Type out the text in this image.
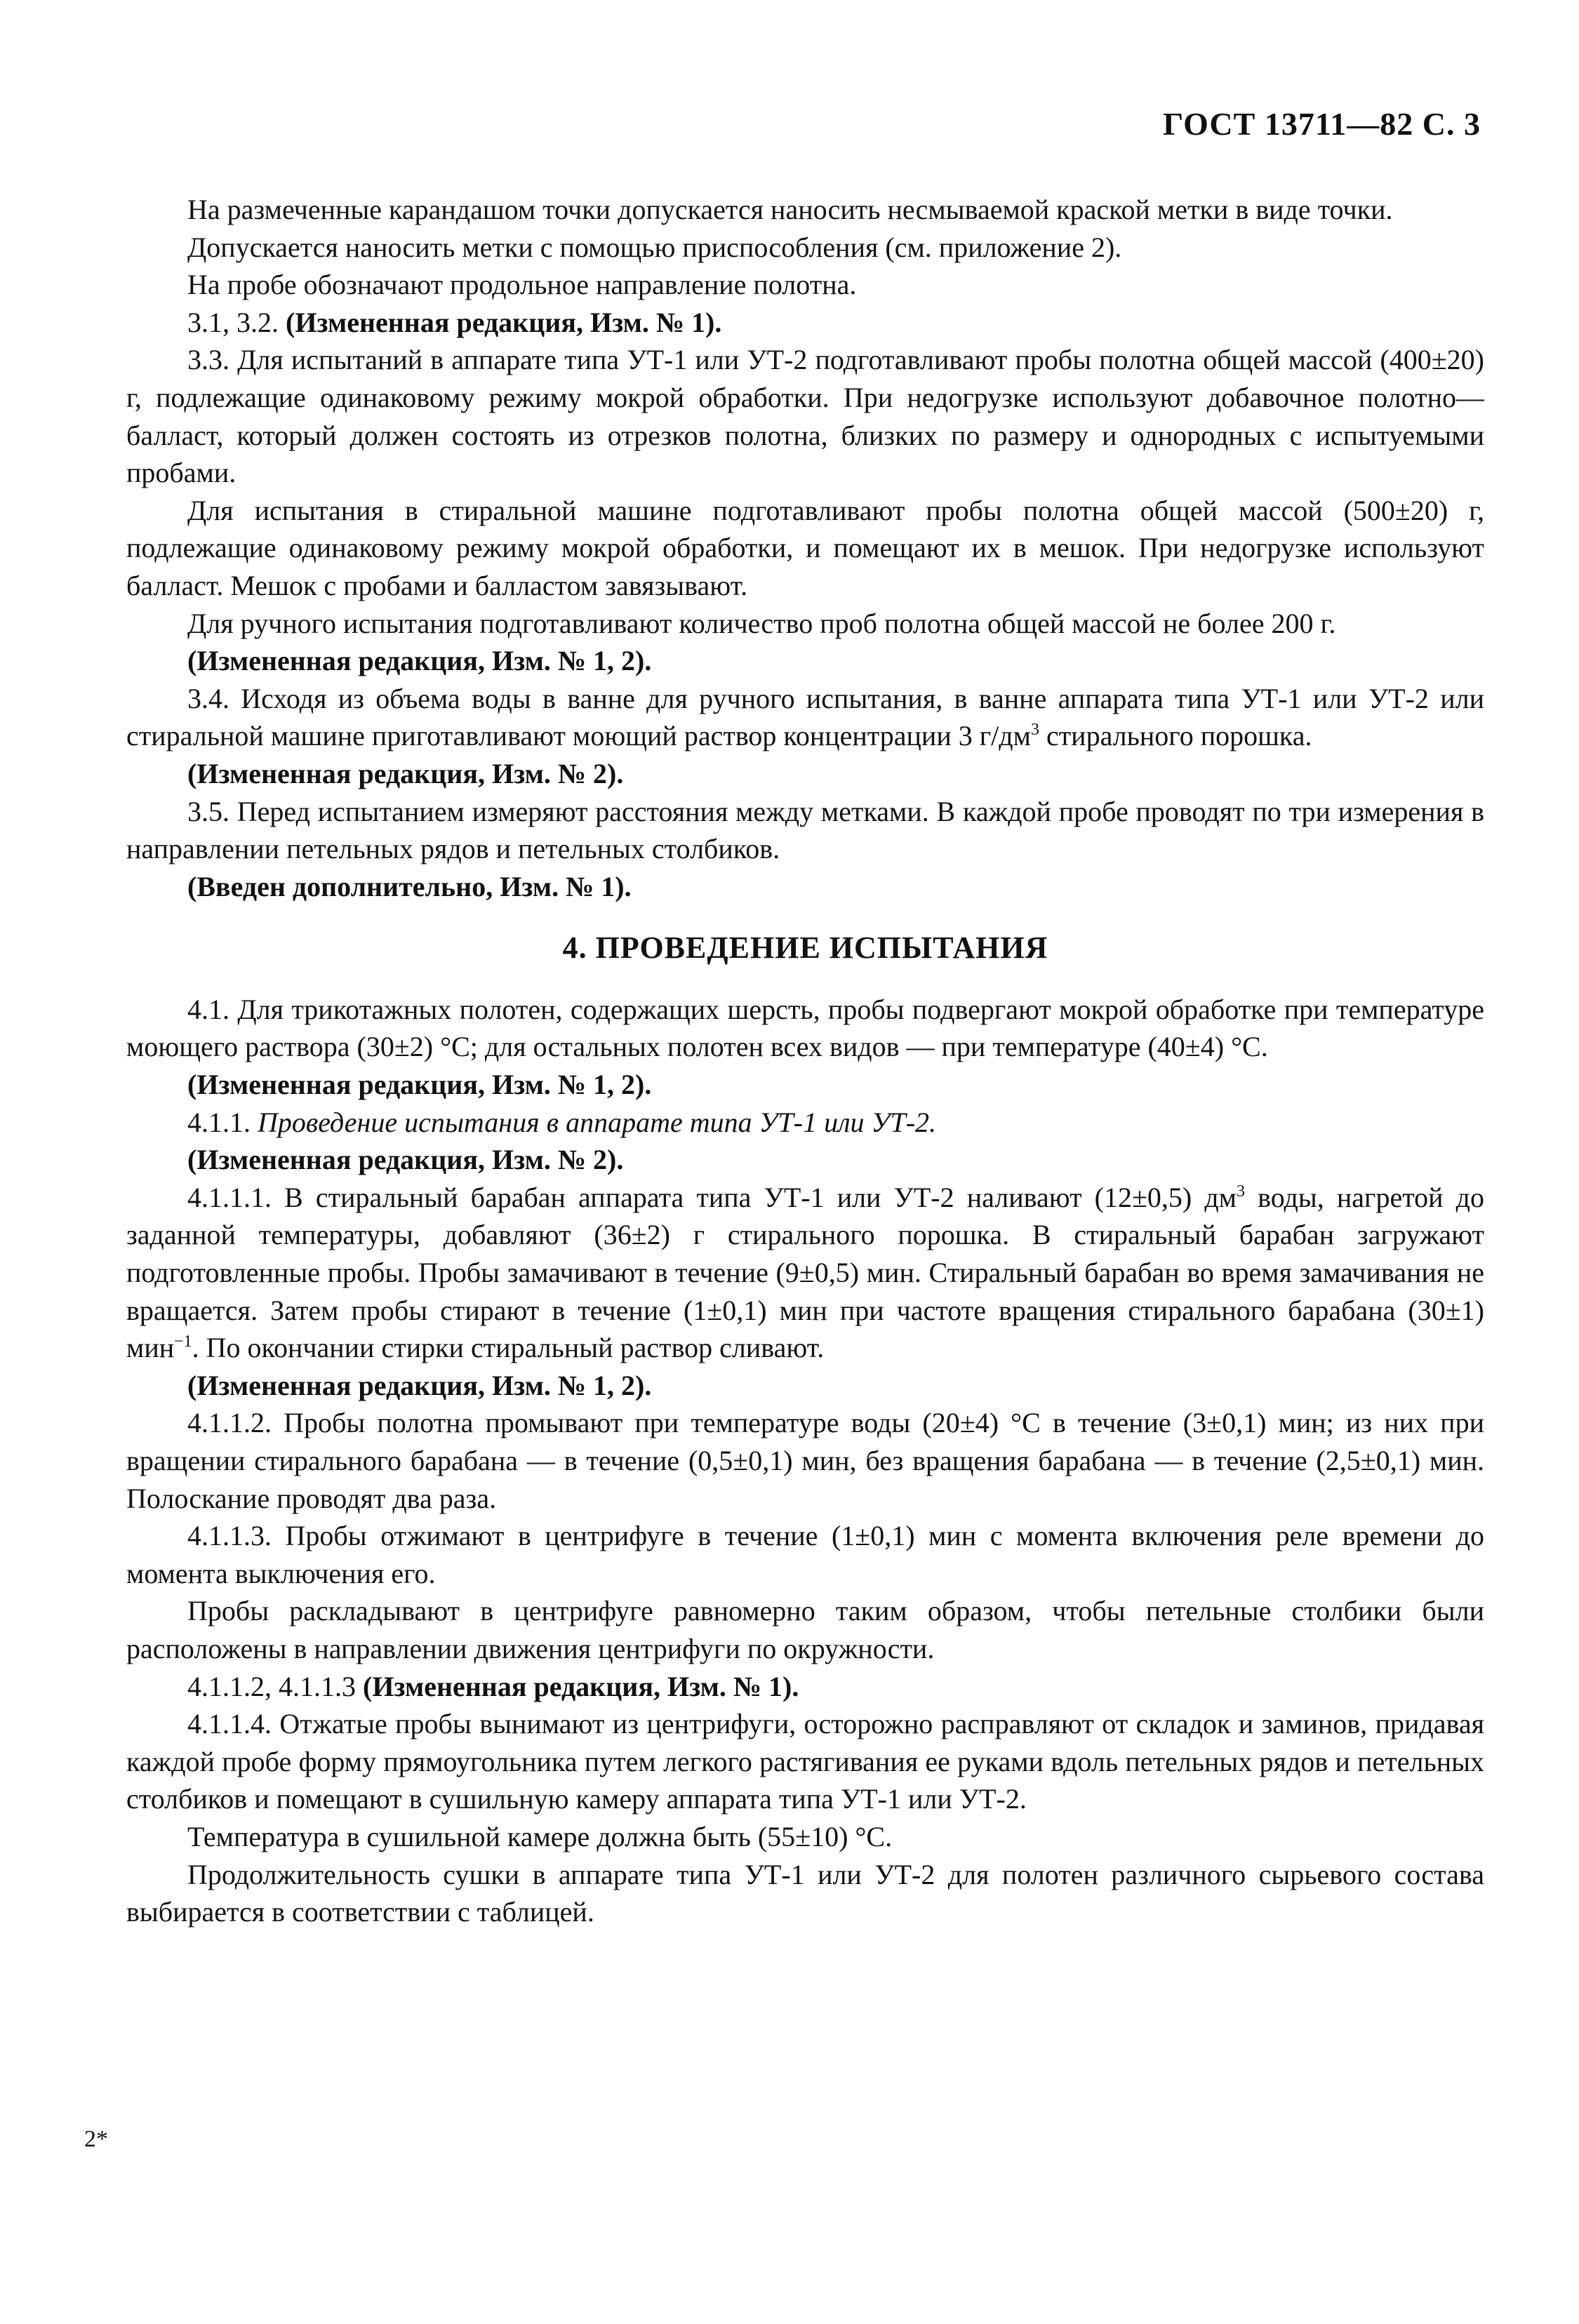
ГОСТ 13711—82 С. 3

На размеченные карандашом точки допускается наносить несмываемой краской метки в виде точки.

Допускается наносить метки с помощью приспособления (см. приложение 2).

На пробе обозначают продольное направление полотна.

3.1, 3.2. (Измененная редакция, Изм. № 1).

3.3. Для испытаний в аппарате типа УТ-1 или УТ-2 подготавливают пробы полотна общей массой (400±20) г, подлежащие одинаковому режиму мокрой обработки. При недогрузке используют добавочное полотно—балласт, который должен состоять из отрезков полотна, близких по размеру и однородных с испытуемыми пробами.

Для испытания в стиральной машине подготавливают пробы полотна общей массой (500±20) г, подлежащие одинаковому режиму мокрой обработки, и помещают их в мешок. При недогрузке используют балласт. Мешок с пробами и балластом завязывают.

Для ручного испытания подготавливают количество проб полотна общей массой не более 200 г.

(Измененная редакция, Изм. № 1, 2).

3.4. Исходя из объема воды в ванне для ручного испытания, в ванне аппарата типа УТ-1 или УТ-2 или стиральной машине приготавливают моющий раствор концентрации 3 $г/дм^3$ стирального порошка.

(Измененная редакция, Изм. № 2).

3.5. Перед испытанием измеряют расстояния между метками. В каждой пробе проводят по три измерения в направлении петельных рядов и петельных столбиков.

(Введен дополнительно, Изм. № 1).

4. ПРОВЕДЕНИЕ ИСПЫТАНИЯ

4.1. Для трикотажных полотен, содержащих шерсть, пробы подвергают мокрой обработке при температуре моющего раствора (30±2) °С; для остальных полотен всех видов — при температуре (40±4) °С.

(Измененная редакция, Изм. № 1, 2).

4.1.1. Проведение испытания в аппарате типа УТ-1 или УТ-2.

(Измененная редакция, Изм. № 2).

4.1.1.1. В стиральный барабан аппарата типа УТ-1 или УТ-2 наливают (12±0,5) $дм^3$ воды, нагретой до заданной температуры, добавляют (36±2) г стирального порошка. В стиральный барабан загружают подготовленные пробы. Пробы замачивают в течение (9±0,5) мин. Стиральный барабан во время замачивания не вращается. Затем пробы стирают в течение (1±0,1) мин при частоте вращения стирального барабана (30±1) мин$^{-1}$. По окончании стирки стиральный раствор сливают.

(Измененная редакция, Изм. № 1, 2).

4.1.1.2. Пробы полотна промывают при температуре воды (20±4) °С в течение (3±0,1) мин; из них при вращении стирального барабана — в течение (0,5±0,1) мин, без вращения барабана — в течение (2,5±0,1) мин. Полоскание проводят два раза.

4.1.1.3. Пробы отжимают в центрифуге в течение (1±0,1) мин с момента включения реле времени до момента выключения его.

Пробы раскладывают в центрифуге равномерно таким образом, чтобы петельные столбики были расположены в направлении движения центрифуги по окружности.

4.1.1.2, 4.1.1.3 (Измененная редакция, Изм. № 1).

4.1.1.4. Отжатые пробы вынимают из центрифуги, осторожно расправляют от складок и заминов, придавая каждой пробе форму прямоугольника путем легкого растягивания ее руками вдоль петельных рядов и петельных столбиков и помещают в сушильную камеру аппарата типа УТ-1 или УТ-2.

Температура в сушильной камере должна быть (55±10) °С.

Продолжительность сушки в аппарате типа УТ-1 или УТ-2 для полотен различного сырьевого состава выбирается в соответствии с таблицей.

2*
